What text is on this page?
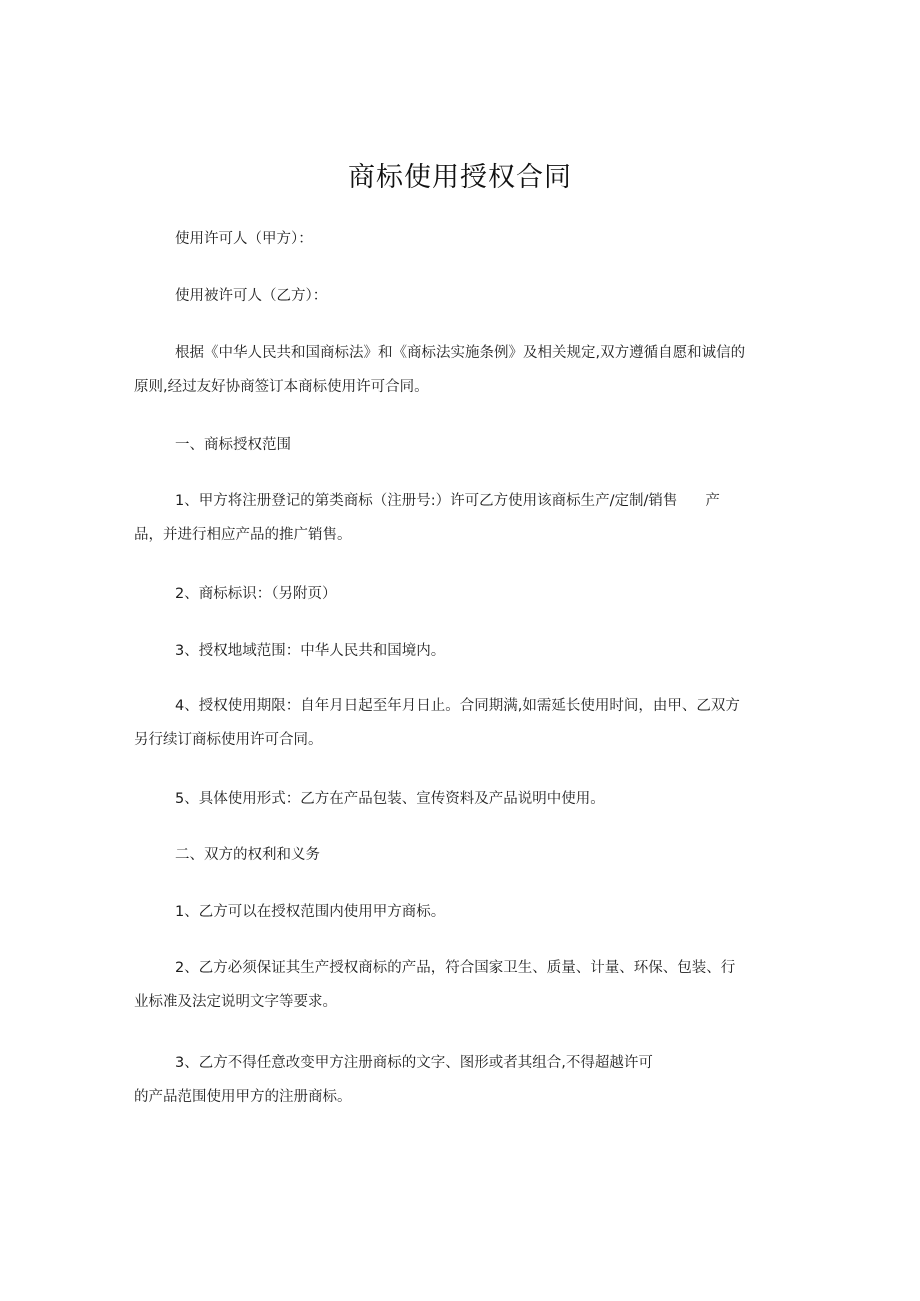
商标使用授权合同
使用许可人（甲方）：
使用被许可人（乙方）：
根据《中华人民共和国商标法》和《商标法实施条例》及相关规定,双方遵循自愿和诚信的
原则,经过友好协商签订本商标使用许可合同。
一、商标授权范围
1、甲方将注册登记的第类商标（注册号:）许可乙方使用该商标生产/定制/销售 产
品，并进行相应产品的推广销售。
2、商标标识：（另附页）
3、授权地域范围：中华人民共和国境内。
4、授权使用期限：自年月日起至年月日止。合同期满,如需延长使用时间，由甲、乙双方
另行续订商标使用许可合同。
5、具体使用形式：乙方在产品包装、宣传资料及产品说明中使用。
二、双方的权利和义务
1、乙方可以在授权范围内使用甲方商标。
2、乙方必须保证其生产授权商标的产品，符合国家卫生、质量、计量、环保、包装、行
业标准及法定说明文字等要求。
3、乙方不得任意改变甲方注册商标的文字、图形或者其组合,不得超越许可
的产品范围使用甲方的注册商标。
